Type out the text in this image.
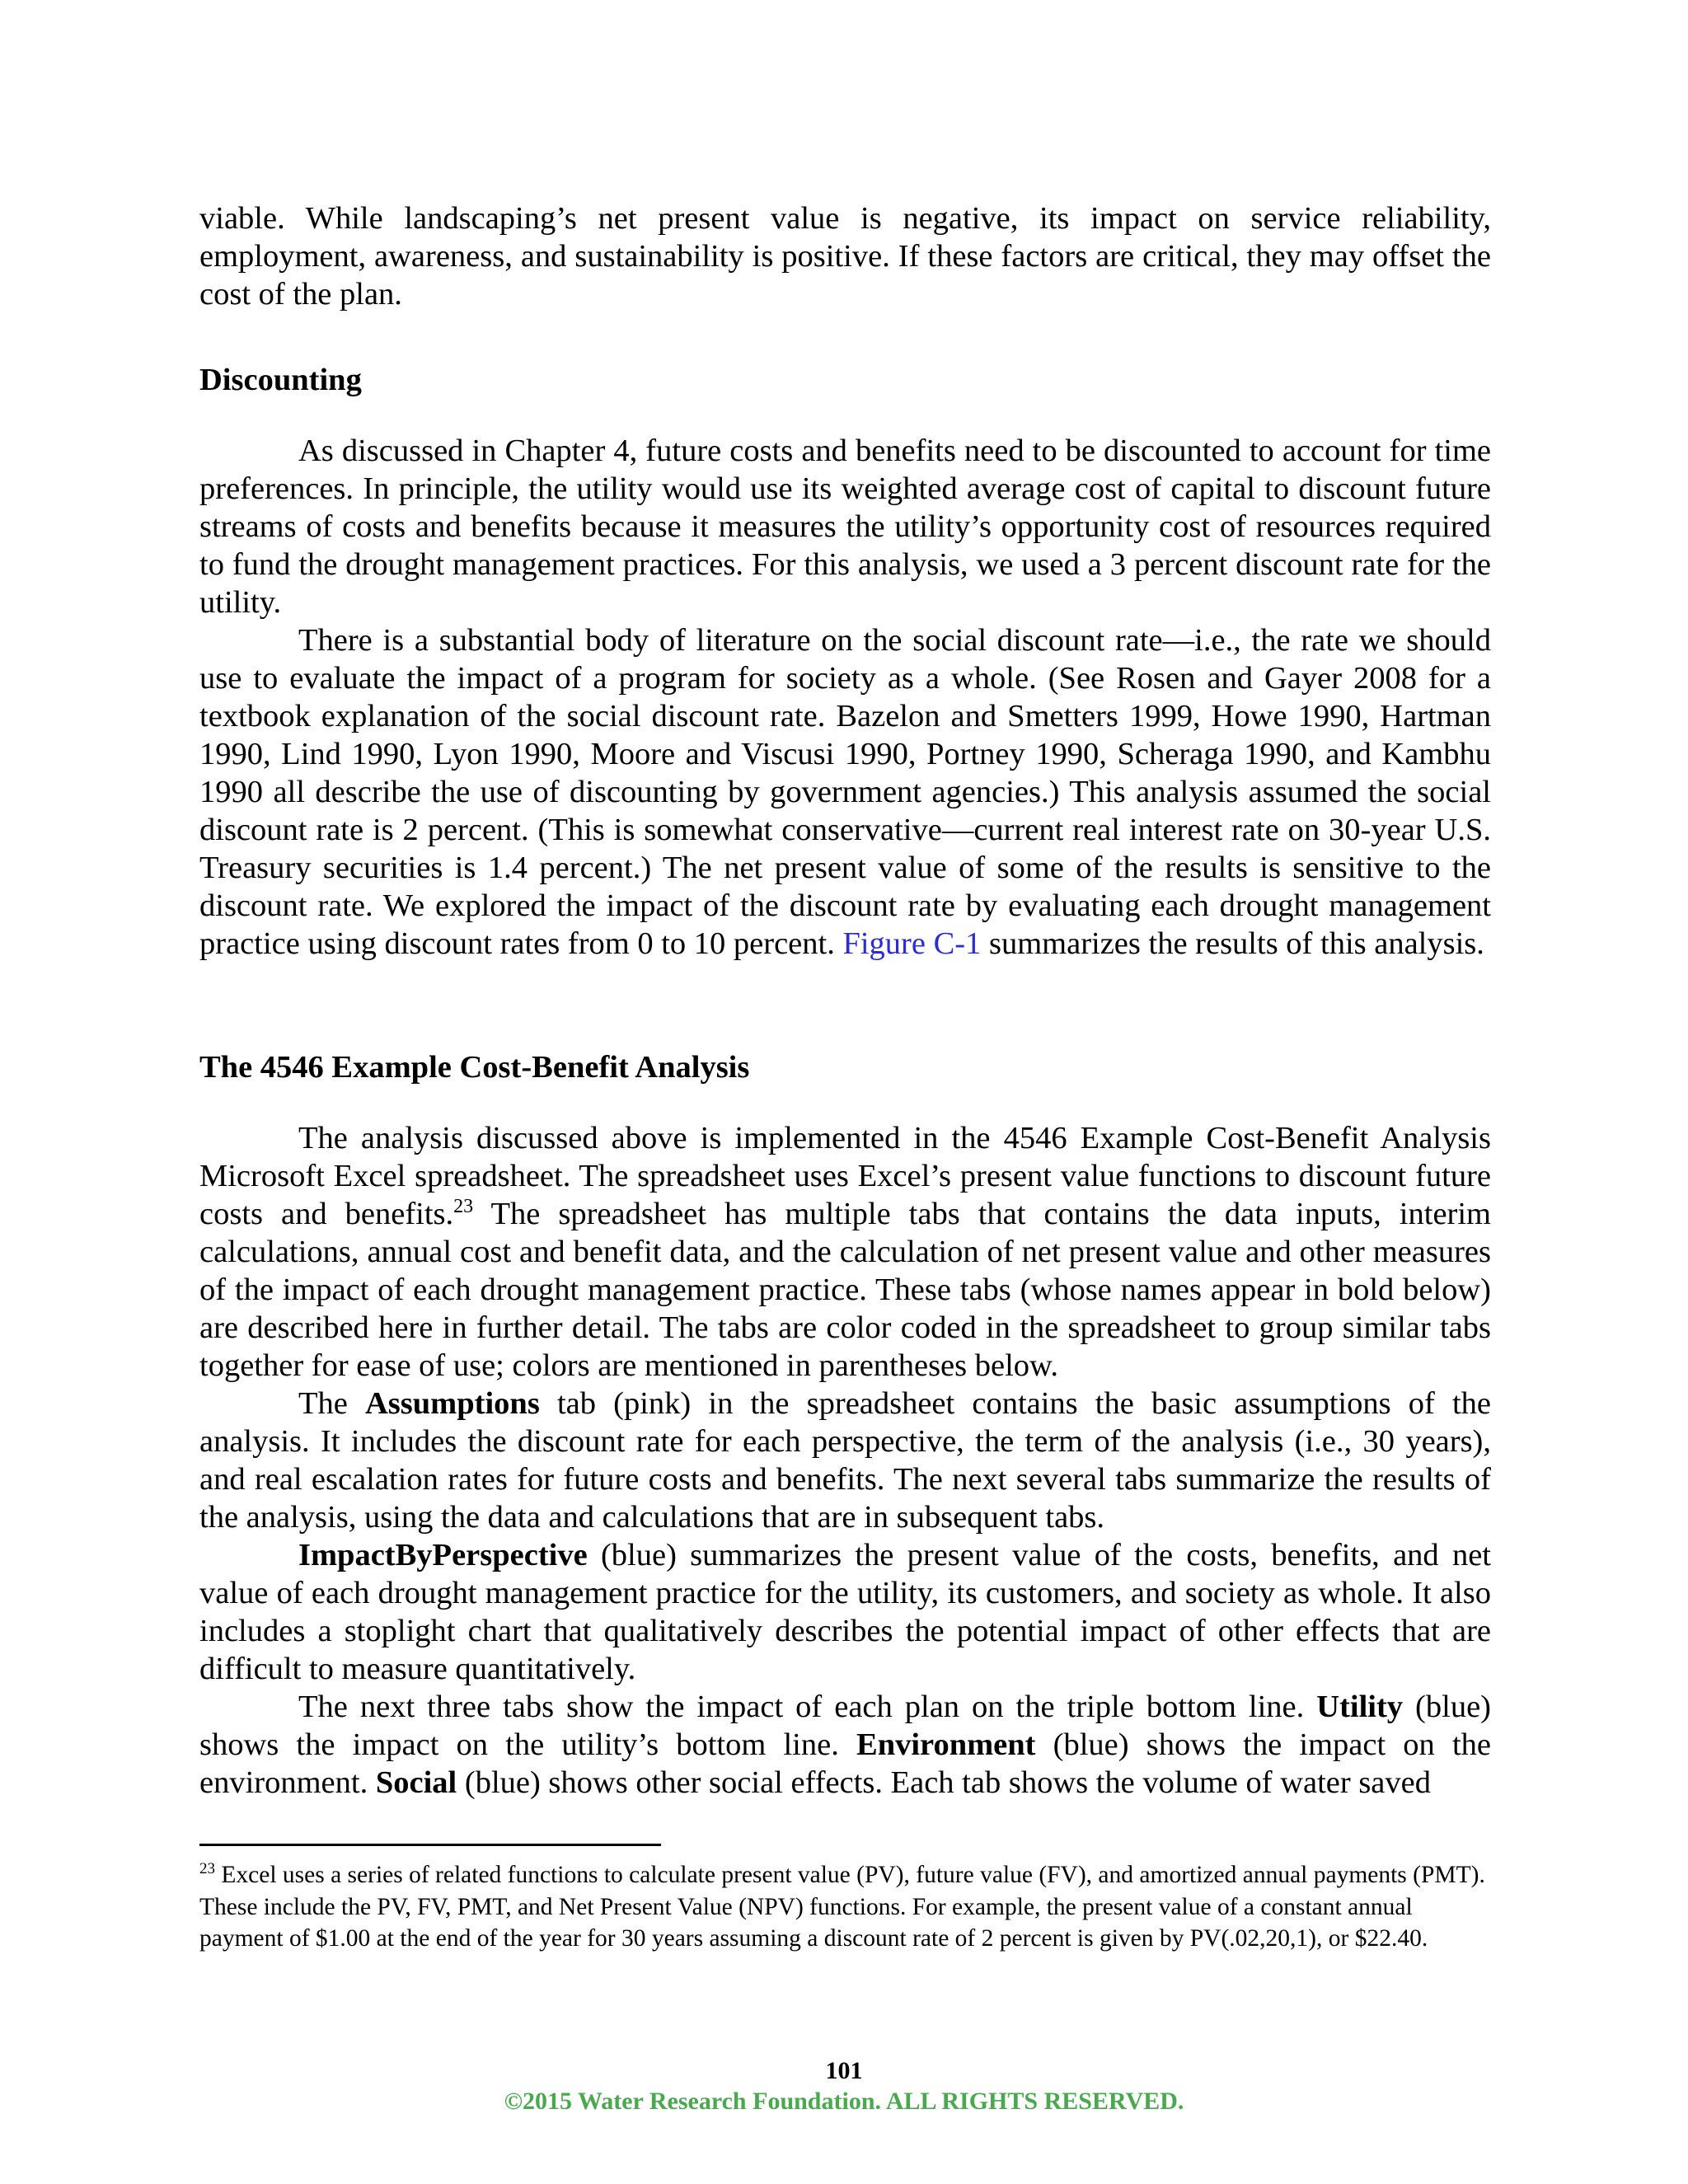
viable. While landscaping’s net present value is negative, its impact on service reliability, employment, awareness, and sustainability is positive. If these factors are critical, they may offset the cost of the plan.

Discounting

As discussed in Chapter 4, future costs and benefits need to be discounted to account for time preferences. In principle, the utility would use its weighted average cost of capital to discount future streams of costs and benefits because it measures the utility’s opportunity cost of resources required to fund the drought management practices. For this analysis, we used a 3 percent discount rate for the utility.

There is a substantial body of literature on the social discount rate—i.e., the rate we should use to evaluate the impact of a program for society as a whole. (See Rosen and Gayer 2008 for a textbook explanation of the social discount rate. Bazelon and Smetters 1999, Howe 1990, Hartman 1990, Lind 1990, Lyon 1990, Moore and Viscusi 1990, Portney 1990, Scheraga 1990, and Kambhu 1990 all describe the use of discounting by government agencies.) This analysis assumed the social discount rate is 2 percent. (This is somewhat conservative—current real interest rate on 30-year U.S. Treasury securities is 1.4 percent.) The net present value of some of the results is sensitive to the discount rate. We explored the impact of the discount rate by evaluating each drought management practice using discount rates from 0 to 10 percent. Figure C-1 summarizes the results of this analysis.

The 4546 Example Cost-Benefit Analysis

The analysis discussed above is implemented in the 4546 Example Cost-Benefit Analysis Microsoft Excel spreadsheet. The spreadsheet uses Excel’s present value functions to discount future costs and benefits.$^{23}$ The spreadsheet has multiple tabs that contains the data inputs, interim calculations, annual cost and benefit data, and the calculation of net present value and other measures of the impact of each drought management practice. These tabs (whose names appear in bold below) are described here in further detail. The tabs are color coded in the spreadsheet to group similar tabs together for ease of use; colors are mentioned in parentheses below.

The Assumptions tab (pink) in the spreadsheet contains the basic assumptions of the analysis. It includes the discount rate for each perspective, the term of the analysis (i.e., 30 years), and real escalation rates for future costs and benefits. The next several tabs summarize the results of the analysis, using the data and calculations that are in subsequent tabs.

ImpactByPerspective (blue) summarizes the present value of the costs, benefits, and net value of each drought management practice for the utility, its customers, and society as whole. It also includes a stoplight chart that qualitatively describes the potential impact of other effects that are difficult to measure quantitatively.

The next three tabs show the impact of each plan on the triple bottom line. Utility (blue) shows the impact on the utility’s bottom line. Environment (blue) shows the impact on the environment. Social (blue) shows other social effects. Each tab shows the volume of water saved

$^{23}$ Excel uses a series of related functions to calculate present value (PV), future value (FV), and amortized annual payments (PMT). These include the PV, FV, PMT, and Net Present Value (NPV) functions. For example, the present value of a constant annual payment of $1.00 at the end of the year for 30 years assuming a discount rate of 2 percent is given by PV(.02,20,1), or $22.40.

101
©2015 Water Research Foundation. ALL RIGHTS RESERVED.
